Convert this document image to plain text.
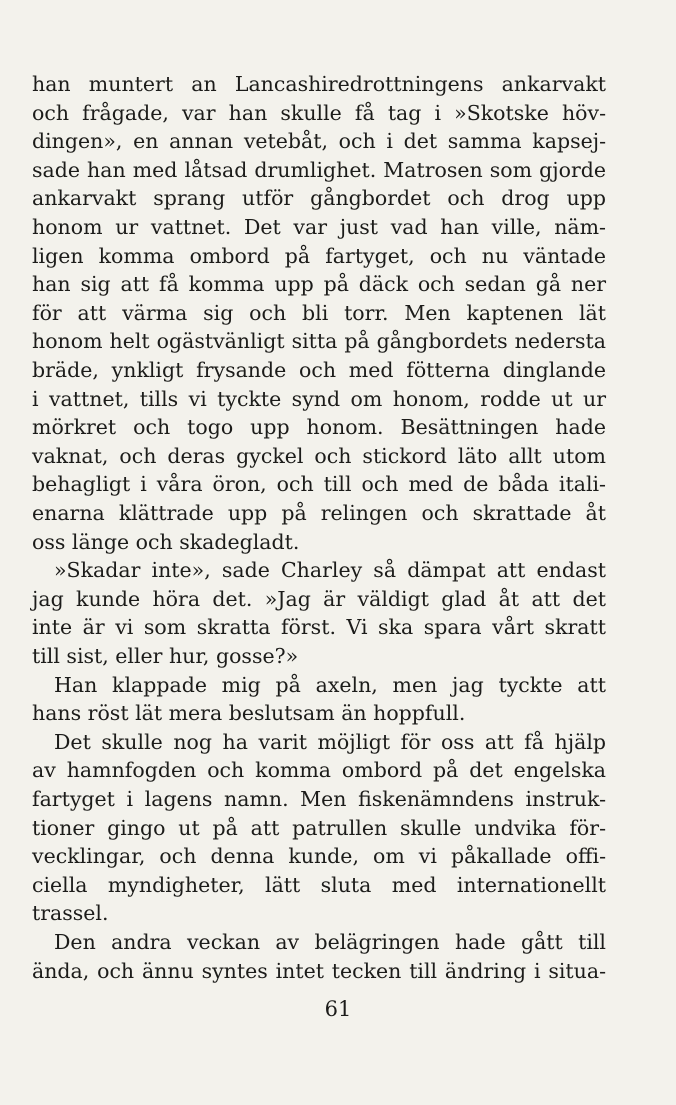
han muntert an Lancashiredrottningens ankarvakt
och frågade, var han skulle få tag i »Skotske höv-
dingen», en annan vetebåt, och i det samma kapsej-
sade han med låtsad drumlighet. Matrosen som gjorde
ankarvakt sprang utför gångbordet och drog upp
honom ur vattnet. Det var just vad han ville, näm-
ligen komma ombord på fartyget, och nu väntade
han sig att få komma upp på däck och sedan gå ner
för att värma sig och bli torr. Men kaptenen lät
honom helt ogästvänligt sitta på gångbordets nedersta
bräde, ynkligt frysande och med fötterna dinglande
i vattnet, tills vi tyckte synd om honom, rodde ut ur
mörkret och togo upp honom. Besättningen hade
vaknat, och deras gyckel och stickord läto allt utom
behagligt i våra öron, och till och med de båda itali-
enarna klättrade upp på relingen och skrattade åt
oss länge och skadegladt.
»Skadar inte», sade Charley så dämpat att endast
jag kunde höra det. »Jag är väldigt glad åt att det
inte är vi som skratta först. Vi ska spara vårt skratt
till sist, eller hur, gosse?»
Han klappade mig på axeln, men jag tyckte att
hans röst lät mera beslutsam än hoppfull.
Det skulle nog ha varit möjligt för oss att få hjälp
av hamnfogden och komma ombord på det engelska
fartyget i lagens namn. Men fiskenämndens instruk-
tioner gingo ut på att patrullen skulle undvika för-
vecklingar, och denna kunde, om vi påkallade offi-
ciella myndigheter, lätt sluta med internationellt
trassel.
Den andra veckan av belägringen hade gått till
ända, och ännu syntes intet tecken till ändring i situa-
61
